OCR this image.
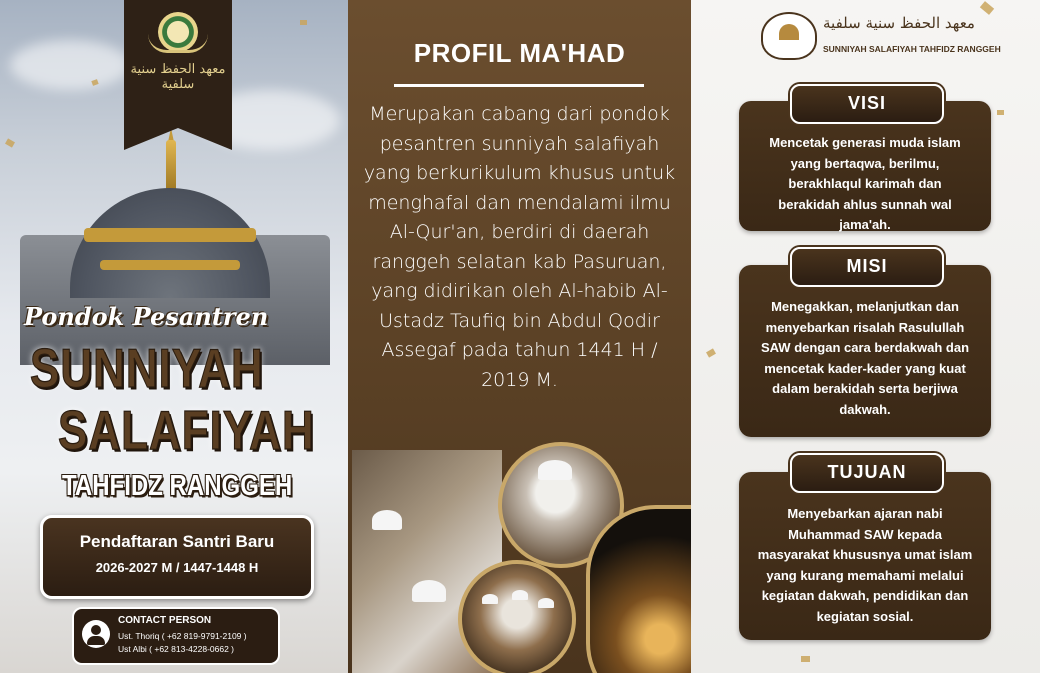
معهد الحفظ سنية سلفية
Pondok Pesantren
SUNNIYAH
SALAFIYAH
TAHFIDZ RANGGEH
Pendaftaran Santri Baru
2026-2027 M / 1447-1448 H
CONTACT PERSON
Ust. Thoriq ( +62 819-9791-2109 )
Ust Albi ( +62 813-4228-0662 )
PROFIL MA'HAD
Merupakan cabang dari pondok pesantren sunniyah salafiyah yang berkurikulum khusus untuk menghafal dan mendalami ilmu Al-Qur'an, berdiri di daerah ranggeh selatan kab Pasuruan, yang didirikan oleh Al-habib Al-Ustadz Taufiq bin Abdul Qodir Assegaf pada tahun 1441 H / 2019 M.
معهد الحفظ سنية سلفية
SUNNIYAH SALAFIYAH TAHFIDZ RANGGEH
Mencetak generasi muda islam yang bertaqwa, berilmu, berakhlaqul karimah dan berakidah ahlus sunnah wal jama'ah.
VISI
Menegakkan, melanjutkan dan menyebarkan risalah Rasulullah SAW dengan cara berdakwah dan mencetak kader-kader yang kuat dalam berakidah serta berjiwa dakwah.
MISI
Menyebarkan ajaran nabi Muhammad SAW kepada masyarakat khususnya umat islam yang kurang memahami melalui kegiatan dakwah, pendidikan dan kegiatan sosial.
TUJUAN
